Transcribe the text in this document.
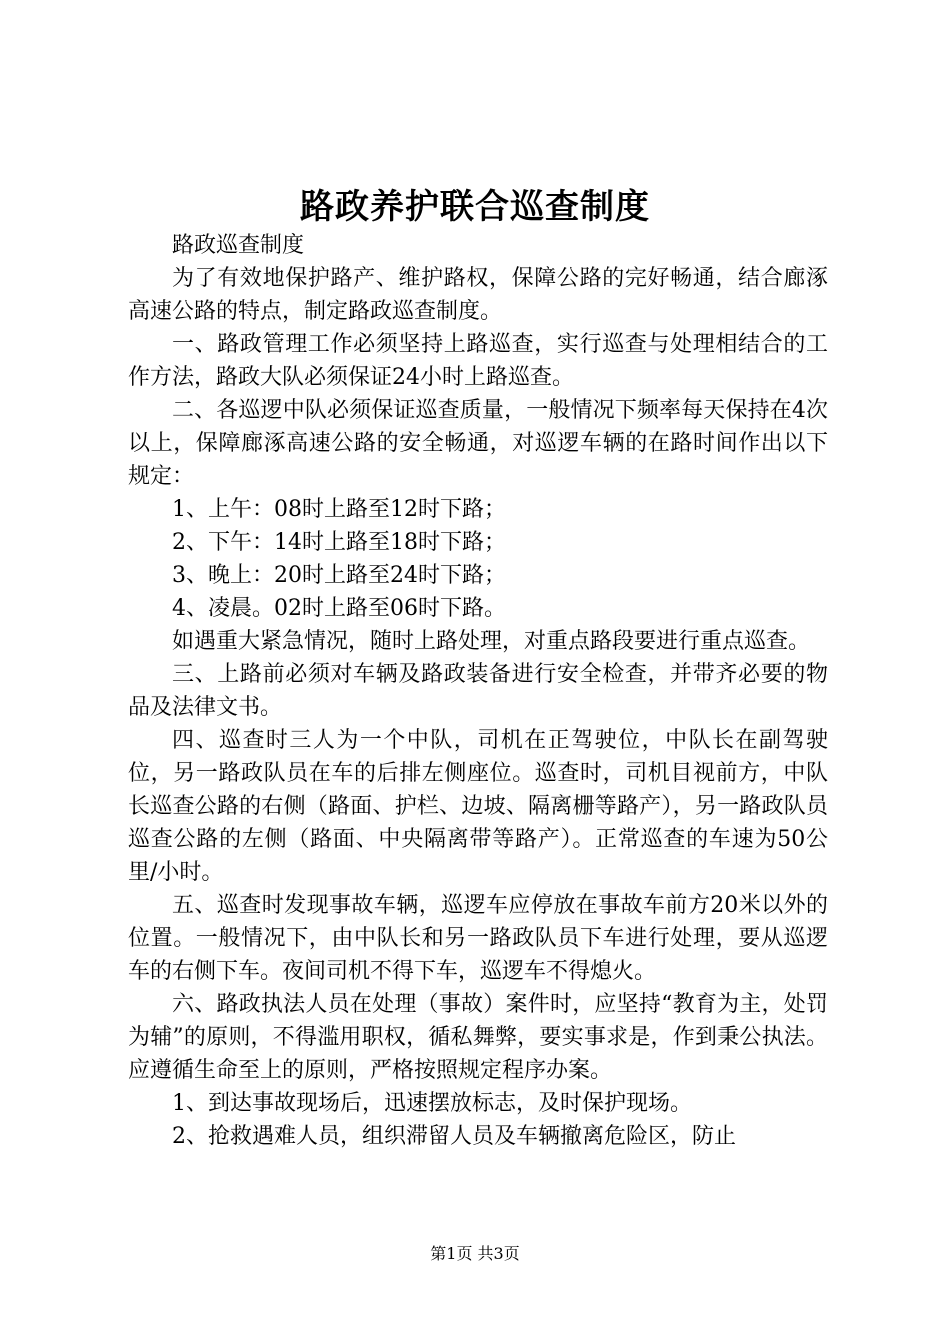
路政养护联合巡查制度

路政巡查制度

为了有效地保护路产、维护路权，保障公路的完好畅通，结合廊涿高速公路的特点，制定路政巡查制度。

一、路政管理工作必须坚持上路巡查，实行巡查与处理相结合的工作方法，路政大队必须保证24小时上路巡查。

二、各巡逻中队必须保证巡查质量，一般情况下频率每天保持在4次以上，保障廊涿高速公路的安全畅通，对巡逻车辆的在路时间作出以下规定：

1、上午：08时上路至12时下路；

2、下午：14时上路至18时下路；

3、晚上：20时上路至24时下路；

4、凌晨。02时上路至06时下路。

如遇重大紧急情况，随时上路处理，对重点路段要进行重点巡查。

三、上路前必须对车辆及路政装备进行安全检查，并带齐必要的物品及法律文书。

四、巡查时三人为一个中队，司机在正驾驶位，中队长在副驾驶位，另一路政队员在车的后排左侧座位。巡查时，司机目视前方，中队长巡查公路的右侧（路面、护栏、边坡、隔离栅等路产），另一路政队员巡查公路的左侧（路面、中央隔离带等路产）。正常巡查的车速为50公里/小时。

五、巡查时发现事故车辆，巡逻车应停放在事故车前方20米以外的位置。一般情况下，由中队长和另一路政队员下车进行处理，要从巡逻车的右侧下车。夜间司机不得下车，巡逻车不得熄火。

六、路政执法人员在处理（事故）案件时，应坚持“教育为主，处罚为辅”的原则，不得滥用职权，循私舞弊，要实事求是，作到秉公执法。应遵循生命至上的原则，严格按照规定程序办案。

1、到达事故现场后，迅速摆放标志，及时保护现场。

2、抢救遇难人员，组织滞留人员及车辆撤离危险区，防止

第1页 共3页
